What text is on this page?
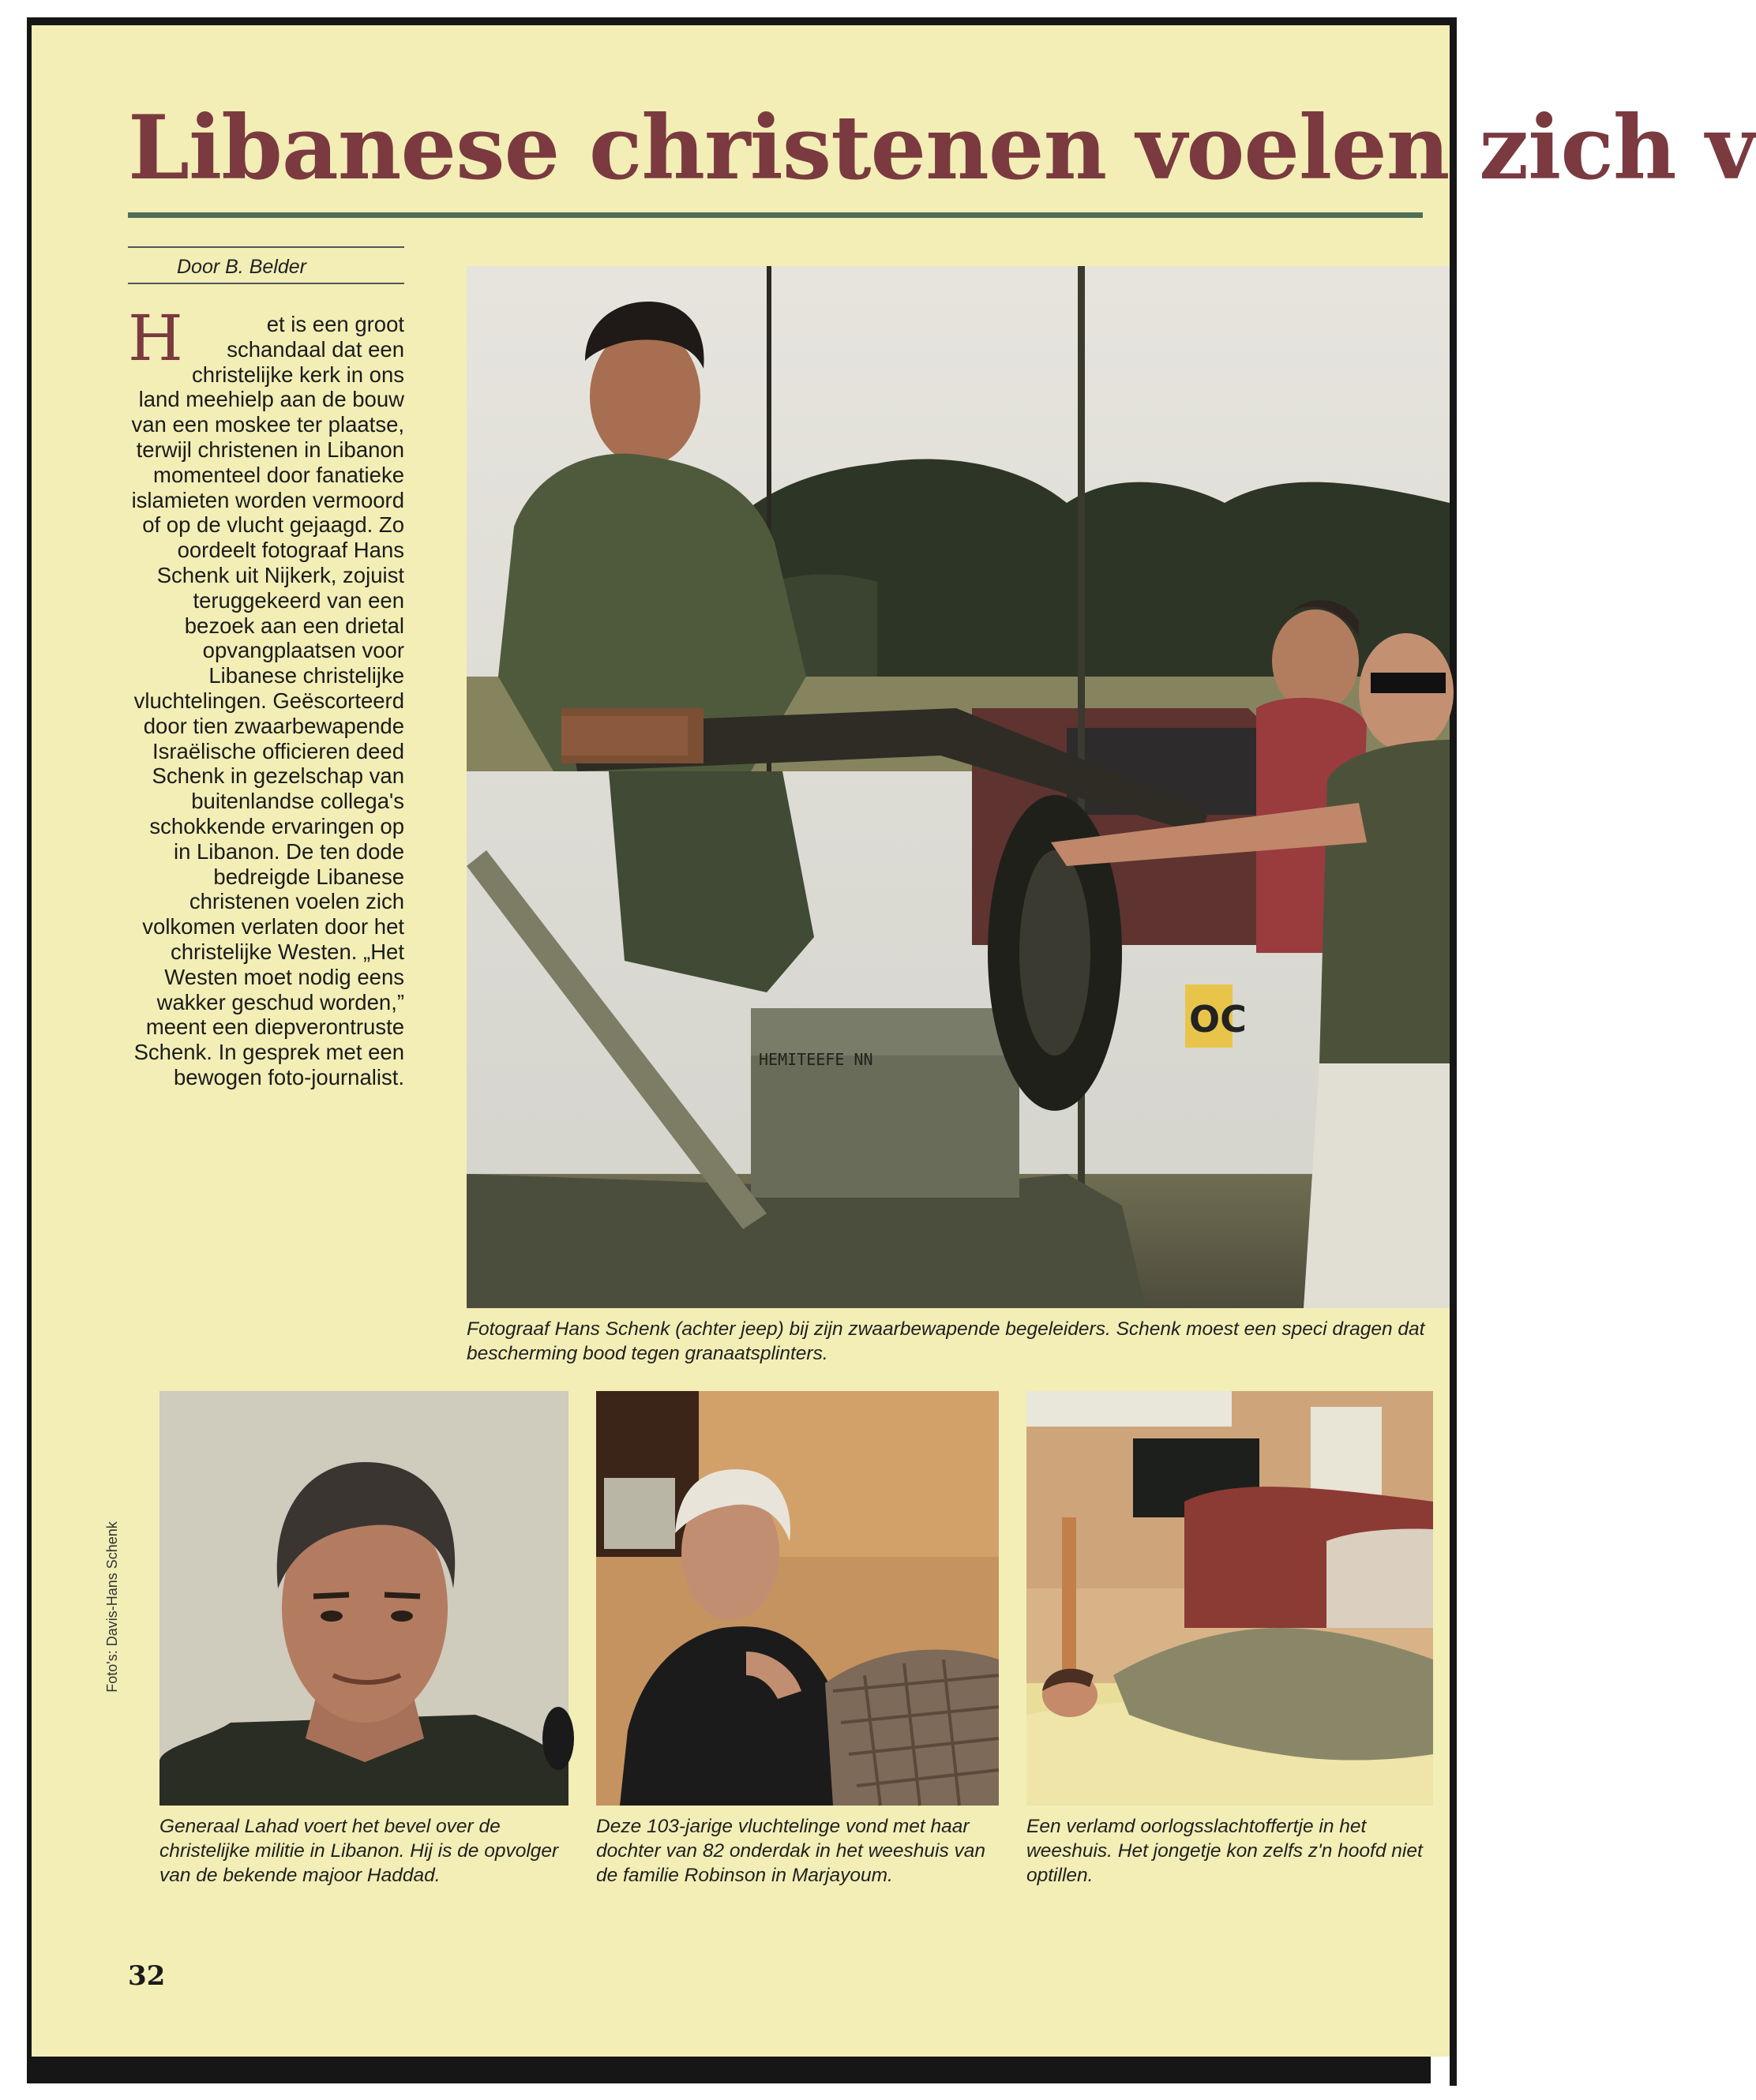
Libanese christenen voelen zich v
Door B. Belder
H	et is een groot schandaal dat een christelijke kerk in ons land meehielp aan de bouw van een moskee ter plaatse, terwijl christenen in Libanon momenteel door fanatieke islamieten worden vermoord of op de vlucht gejaagd. Zo oordeelt fotograaf Hans Schenk uit Nijkerk, zojuist teruggekeerd van een bezoek aan een drietal opvangplaatsen voor Libanese christelijke vluchtelingen. Geëscorteerd door tien zwaarbewapende Israëlische officieren deed Schenk in gezelschap van buitenlandse collega's schokkende ervaringen op in Libanon. De ten dode bedreigde Libanese christenen voelen zich volkomen verlaten door het christelijke Westen. „Het Westen moet nodig eens wakker geschud worden,” meent een diepverontruste Schenk. In gesprek met een bewogen foto-journalist.
OC
HEMITEEFE NN
Fotograaf Hans Schenk (achter jeep) bij zijn zwaarbewapende begeleiders. Schenk moest een speci dragen dat bescherming bood tegen granaatsplinters.
Foto's: Davis-Hans Schenk
Generaal Lahad voert het bevel over de christelijke militie in Libanon. Hij is de opvolger van de bekende majoor Haddad.
Deze 103-jarige vluchtelinge vond met haar dochter van 82 onderdak in het weeshuis van de familie Robinson in Marjayoum.
Een verlamd oorlogsslachtoffertje in het weeshuis. Het jongetje kon zelfs z'n hoofd niet optillen.
32
